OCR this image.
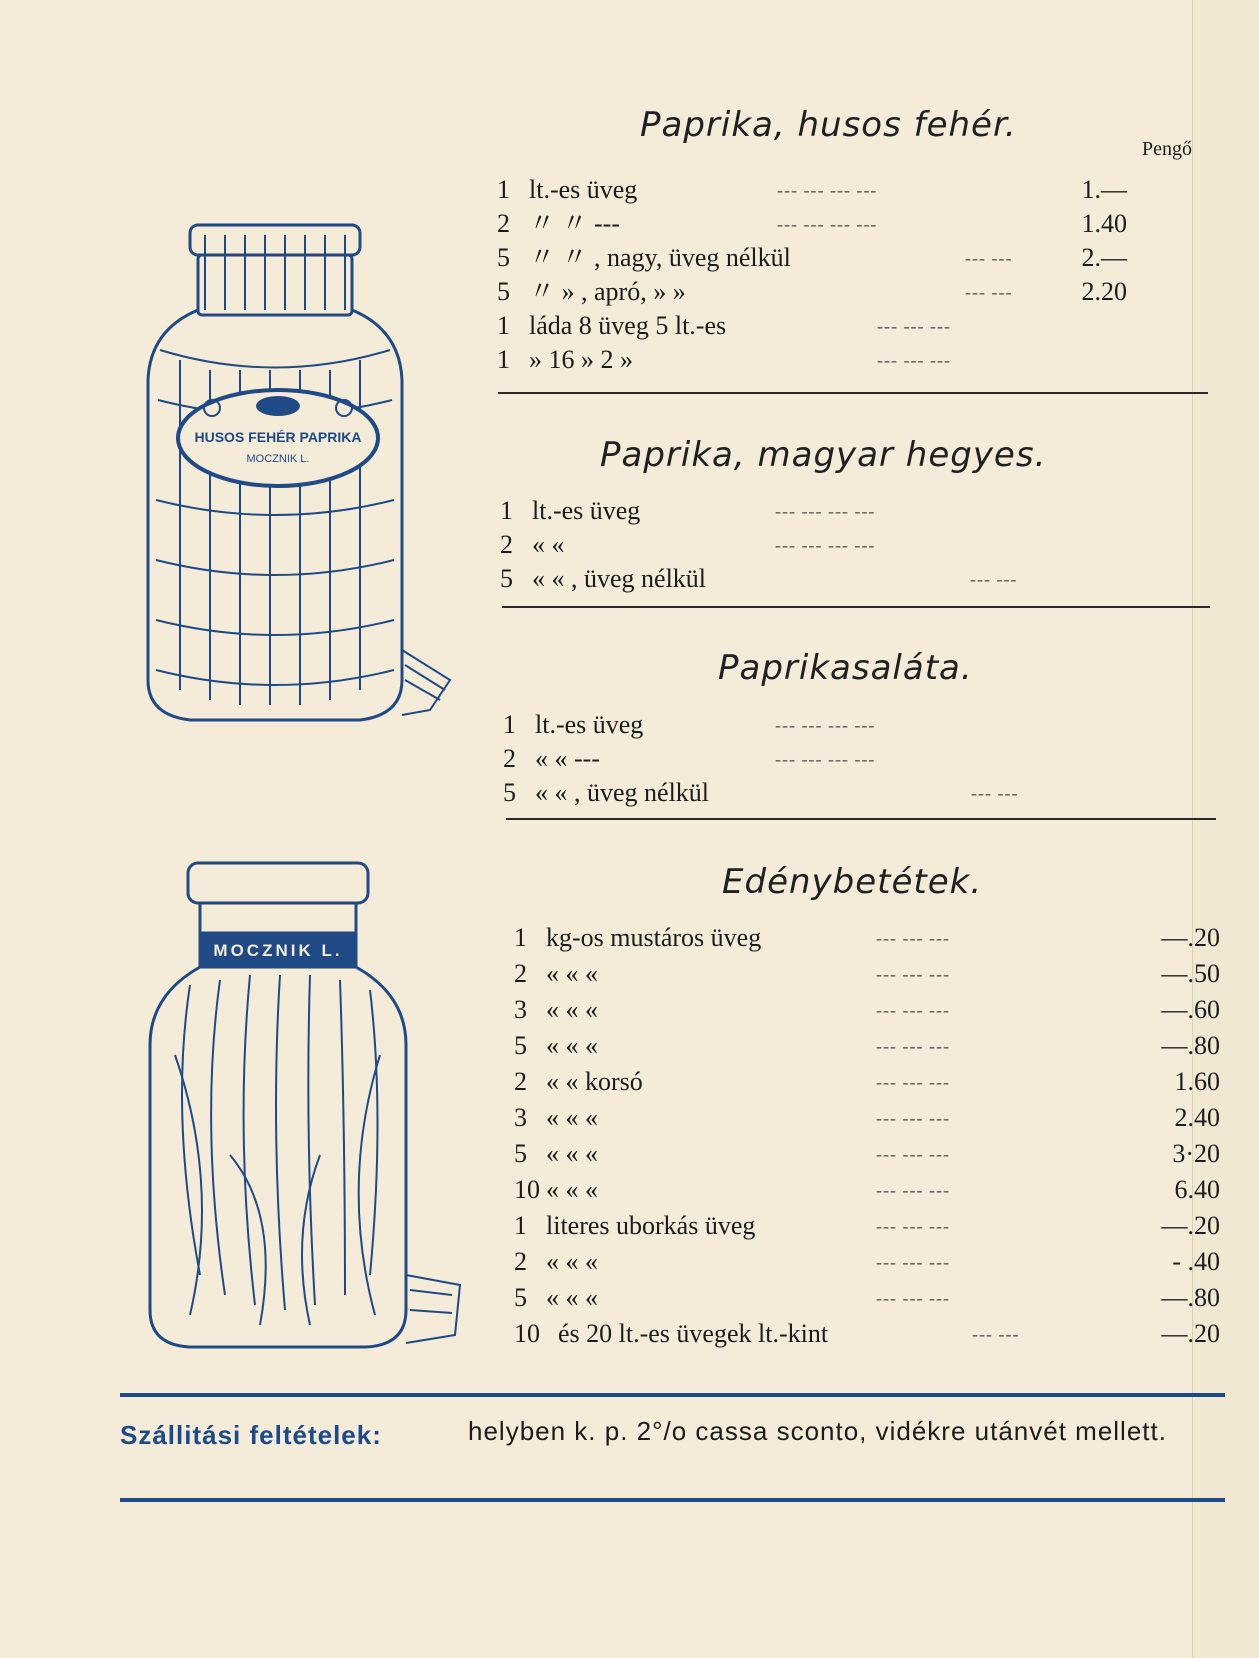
HUSOS FEHÉR PAPRIKA
MOCZNIK L.
MOCZNIK L.
Pengő
Paprika, husos fehér.
1 lt.-es üveg	--- --- --- ---	1.—
2 〃 〃 ---	--- --- --- ---	1.40
5 〃 〃 , nagy, üveg nélkül	--- ---	2.—
5 〃 » , apró, » »	--- ---	2.20
1 láda 8 üveg 5 lt.-es	--- --- ---
1 » 16 » 2 »	--- --- ---
Paprika, magyar hegyes.
1 lt.-es üveg	--- --- --- ---
2 « «	--- --- --- ---
5 « « , üveg nélkül	--- ---
Paprikasaláta.
1 lt.-es üveg	--- --- --- ---
2 « « ---	--- --- --- ---
5 « « , üveg nélkül	--- ---
Edénybetétek.
1 kg-os mustáros üveg	--- --- ---	—.20
2 « « «	--- --- ---	—.50
3 « « «	--- --- ---	—.60
5 « « «	--- --- ---	—.80
2 « « korsó	--- --- ---	1.60
3 « « «	--- --- ---	2.40
5 « « «	--- --- ---	3·20
10 « « «	--- --- ---	6.40
1 literes uborkás üveg	--- --- ---	—.20
2 « « «	--- --- ---	- .40
5 « « «	--- --- ---	—.80
10 és 20 lt.-es üvegek lt.-kint	--- ---	—.20
Szállitási feltételek:	helyben k. p. 2°/o cassa sconto, vidékre utánvét mellett.
